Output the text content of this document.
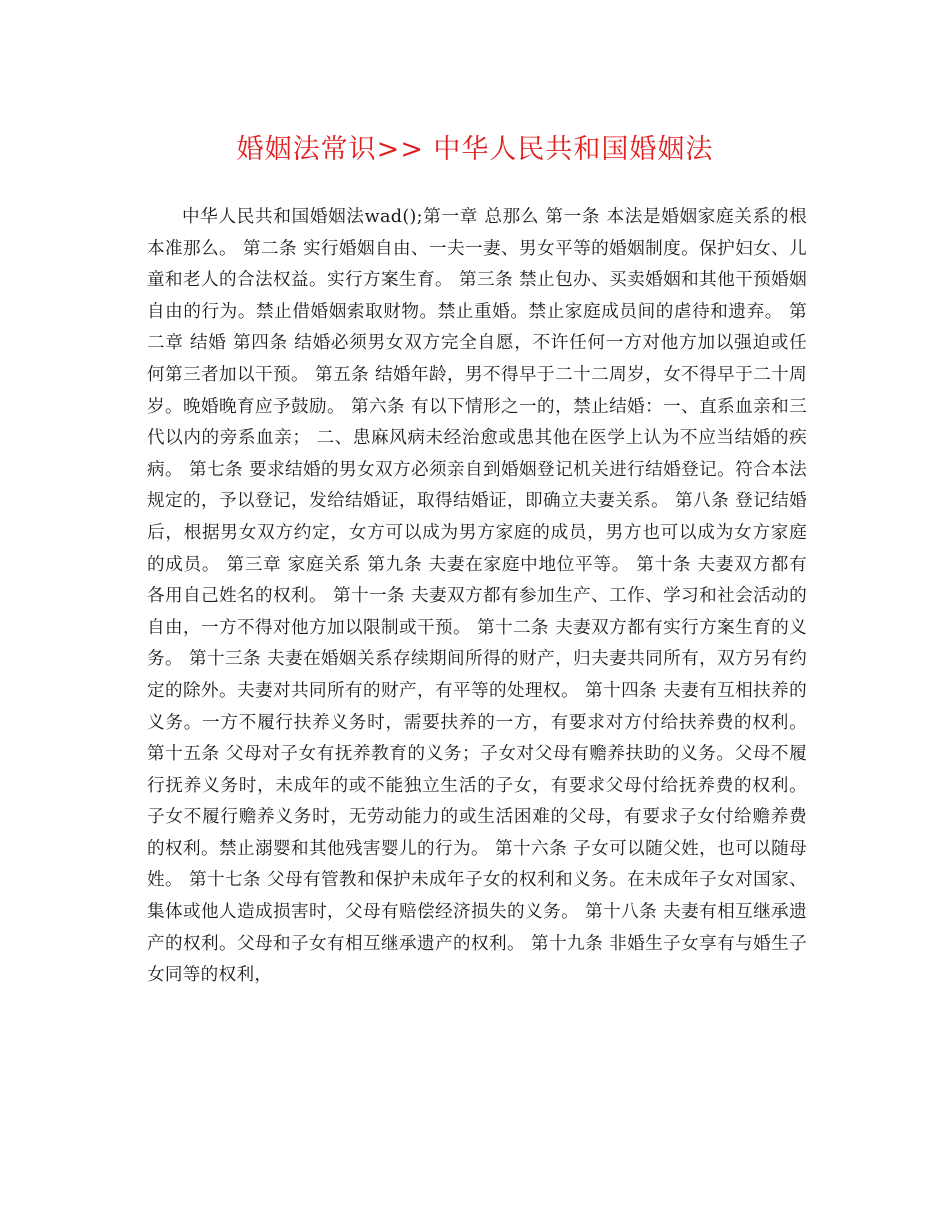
婚姻法常识>> 中华人民共和国婚姻法

中华人民共和国婚姻法wad();第一章 总那么 第一条 本法是婚姻家庭关系的根本准那么。 第二条 实行婚姻自由、一夫一妻、男女平等的婚姻制度。保护妇女、儿童和老人的合法权益。实行方案生育。 第三条 禁止包办、买卖婚姻和其他干预婚姻自由的行为。禁止借婚姻索取财物。禁止重婚。禁止家庭成员间的虐待和遗弃。 第二章 结婚 第四条 结婚必须男女双方完全自愿，不许任何一方对他方加以强迫或任何第三者加以干预。 第五条 结婚年龄，男不得早于二十二周岁，女不得早于二十周岁。晚婚晚育应予鼓励。 第六条 有以下情形之一的，禁止结婚：一、直系血亲和三代以内的旁系血亲； 二、患麻风病未经治愈或患其他在医学上认为不应当结婚的疾病。 第七条 要求结婚的男女双方必须亲自到婚姻登记机关进行结婚登记。符合本法规定的，予以登记，发给结婚证，取得结婚证，即确立夫妻关系。 第八条 登记结婚后，根据男女双方约定，女方可以成为男方家庭的成员，男方也可以成为女方家庭的成员。 第三章 家庭关系 第九条 夫妻在家庭中地位平等。 第十条 夫妻双方都有各用自己姓名的权利。 第十一条 夫妻双方都有参加生产、工作、学习和社会活动的自由，一方不得对他方加以限制或干预。 第十二条 夫妻双方都有实行方案生育的义务。 第十三条 夫妻在婚姻关系存续期间所得的财产，归夫妻共同所有，双方另有约定的除外。夫妻对共同所有的财产，有平等的处理权。 第十四条 夫妻有互相扶养的义务。一方不履行扶养义务时，需要扶养的一方，有要求对方付给扶养费的权利。 第十五条 父母对子女有抚养教育的义务；子女对父母有赡养扶助的义务。父母不履行抚养义务时，未成年的或不能独立生活的子女，有要求父母付给抚养费的权利。子女不履行赡养义务时，无劳动能力的或生活困难的父母，有要求子女付给赡养费的权利。禁止溺婴和其他残害婴儿的行为。 第十六条 子女可以随父姓，也可以随母姓。 第十七条 父母有管教和保护未成年子女的权利和义务。在未成年子女对国家、集体或他人造成损害时，父母有赔偿经济损失的义务。 第十八条 夫妻有相互继承遗产的权利。父母和子女有相互继承遗产的权利。 第十九条 非婚生子女享有与婚生子女同等的权利，
